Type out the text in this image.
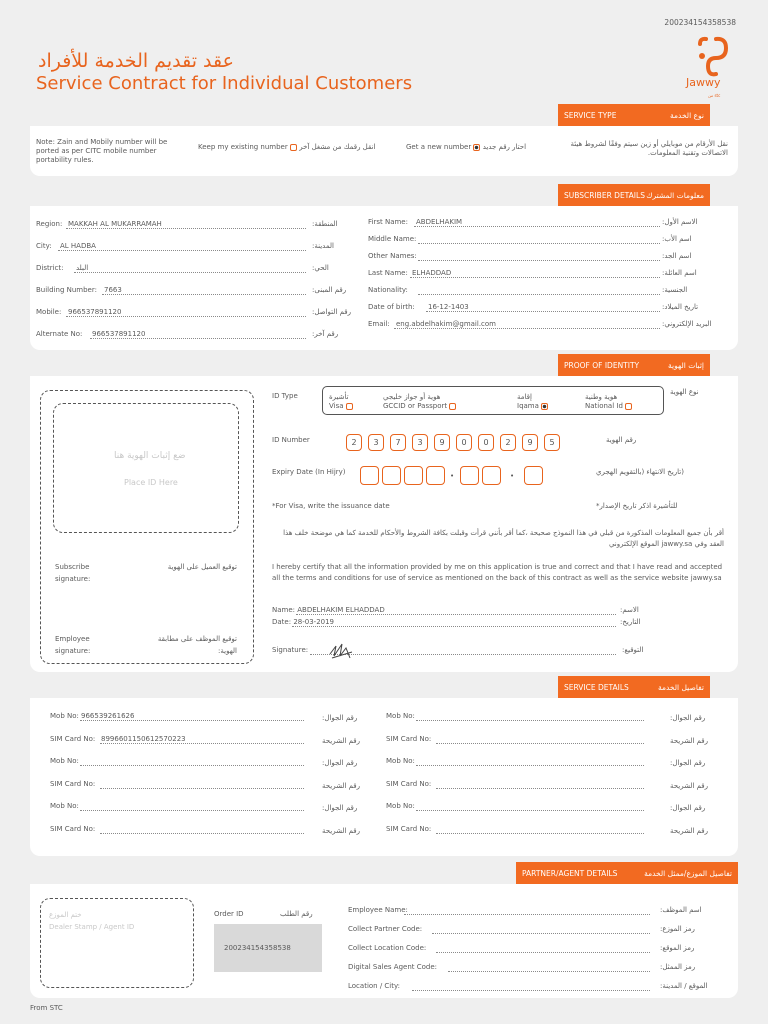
200234154358538
عقد تقديم الخدمة للأفراد
Service Contract for Individual Customers	Jawwy
من stc
SERVICE TYPE	نوع الخدمة
Note: Zain and Mobily number will be ported as per CITC mobile number portability rules.
Keep my existing number انقل رقمك من مشغل آخر	Get a new number احتار رقم جديد	نقل الأرقام من موبايلي أو زين سيتم وفقًا لشروط هيئة الاتصالات وتقنية المعلومات.
SUBSCRIBER DETAILS معلومات المشترك
Region: MAKKAH AL MUKARRAMAH	المنطقة:
City: AL HADBA	المدينة:
District: البلد	الحي:
Building Number: 7663	رقم المبنى:
Mobile: 966537891120	رقم التواصل:
Alternate No: 966537891120	رقم آخر:
First Name: ABDELHAKIM	الاسم الأول:
Middle Name:	اسم الأب:
Other Names:	اسم الجد:
Last Name: ELHADDAD	اسم العائلة:
Nationality:	الجنسية:
Date of birth: 16-12-1403	تاريخ الميلاد:
Email: eng.abdelhakim@gmail.com	البريد الإلكتروني:
PROOF OF IDENTITY	إثبات الهوية
ضع إثبات الهوية هنا
Place ID Here
Subscribe signature:
توقيع العميل على الهوية
Employee signature:
توقيع الموظف على مطابقة الهوية:
ID Type	نوع الهوية
تأشيرة
Visa
هوية أو جواز خليجي
GCCID or Passport
إقامة
Iqama
هوية وطنية
National Id
ID Number	رقم الهوية
Expiry Date (In Hijry)	(تاريخ الانتهاء (بالتقويم الهجري
•	•
*For Visa, write the issuance date	للتأشيرة اذكر تاريخ الإصدار*
أقر بأن جميع المعلومات المذكورة من قبلي في هذا النموذج صحيحة ،كما أقر بأنني قرأت وقبلت بكافة الشروط والأحكام للخدمة كما هي موضحة خلف هذا العقد وفي jawwy.sa الموقع الإلكتروني
I hereby certify that all the information provided by me on this application is true and correct and that I have read and accepted all the terms and conditions for use of service as mentioned on the back of this contract as well as the service website jawwy.sa
Name: ABDELHAKIM ELHADDAD	الاسم:
Date: 28-03-2019	التاريخ:
Signature:	التوقيع:
2	3	7	3	9	0	0	2	9	5
SERVICE DETAILS	تفاصيل الخدمة
Mob No: 966539261626	رقم الجوال:	Mob No:	رقم الجوال:
SIM Card No: 8996601150612570223	رقم الشريحة	SIM Card No:	رقم الشريحة
Mob No:	رقم الجوال:	Mob No:	رقم الجوال:
SIM Card No:	رقم الشريحة	SIM Card No:	رقم الشريحة
Mob No:	رقم الجوال:	Mob No:	رقم الجوال:
SIM Card No:	رقم الشريحة	SIM Card No:	رقم الشريحة
PARTNER/AGENT DETAILS	تفاصيل الموزع/ممثل الخدمة
ختم الموزع
Dealer Stamp / Agent ID
Order ID	رقم الطلب
200234154358538
Employee Name:	اسم الموظف:
Collect Partner Code:	رمز الموزع:
Collect Location Code:	رمز الموقع:
Digital Sales Agent Code:	رمز الممثل:
Location / City:	الموقع / المدينة:
From STC
